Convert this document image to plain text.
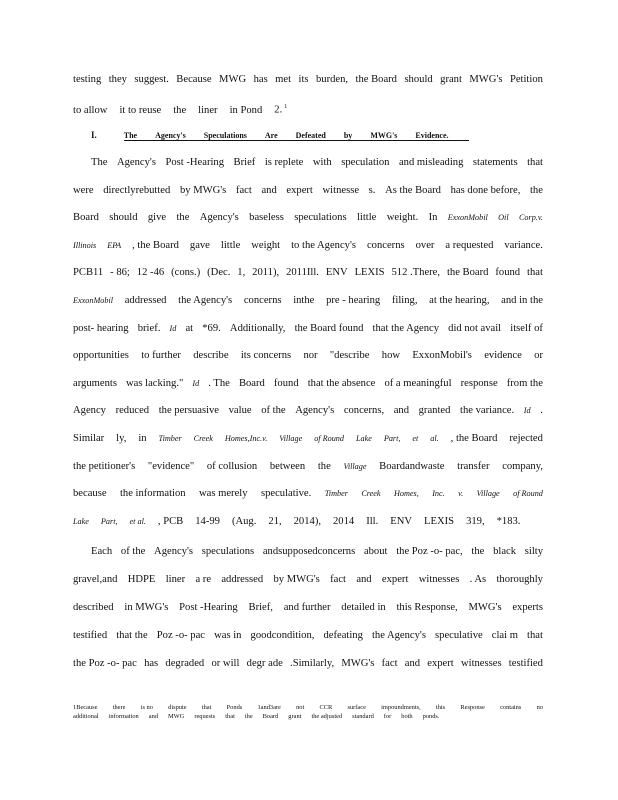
testing they suggest. Because MWG has met its burden, the Board should grant MWG's Petition
to allow it to reuse the liner in Pond 2. 1
I.	The Agency's Speculations Are Defeated by MWG's Evidence.
The Agency's Post -Hearing Brief is replete with speculation and misleading statements that
were directlyrebutted by MWG's fact and expert witnesse s. As the Board has done before, the
Board should give the Agency's baseless speculations little weight. In ExxonMobil Oil Corp.v.
Illinois EPA , the Board gave little weight to the Agency's concerns over a requested variance.
PCB11 - 86; 12 -46 (cons.) (Dec. 1, 2011), 2011Ill. ENV LEXIS 512 .There, the Board found that
ExxonMobil addressed the Agency's concerns inthe pre - hearing filing, at the hearing, and in the
post- hearing brief. Id at *69. Additionally, the Board found that the Agency did not avail itself of
opportunities to further describe its concerns nor "describe how ExxonMobil's evidence or
arguments was lacking." Id . The Board found that the absence of a meaningful response from the
Agency reduced the persuasive value of the Agency's concerns, and granted the variance. Id .
Similar ly, in Timber Creek Homes,Inc.v. Village of Round Lake Part, et al. , the Board rejected
the petitioner's "evidence" of collusion between the Village Boardandwaste transfer company,
because the information was merely speculative. Timber Creek Homes, Inc. v. Village of Round
Lake Part, et al. , PCB 14-99 (Aug. 21, 2014), 2014 Ill. ENV LEXIS 319, *183.
Each of the Agency's speculations andsupposedconcerns about the Poz -o- pac, the black silty
gravel,and HDPE liner a re addressed by MWG's fact and expert witnesses . As thoroughly
described in MWG's Post -Hearing Brief, and further detailed in this Response, MWG's experts
testified that the Poz -o- pac was in goodcondition, defeating the Agency's speculative clai m that
the Poz -o- pac has degraded or will degr ade .Similarly, MWG's fact and expert witnesses testified
1Because there is no dispute that Ponds 1and3are not CCR surface impoundments, this Response contains no
additional information and MWG requests that the Board grant the adjusted standard for both ponds.
